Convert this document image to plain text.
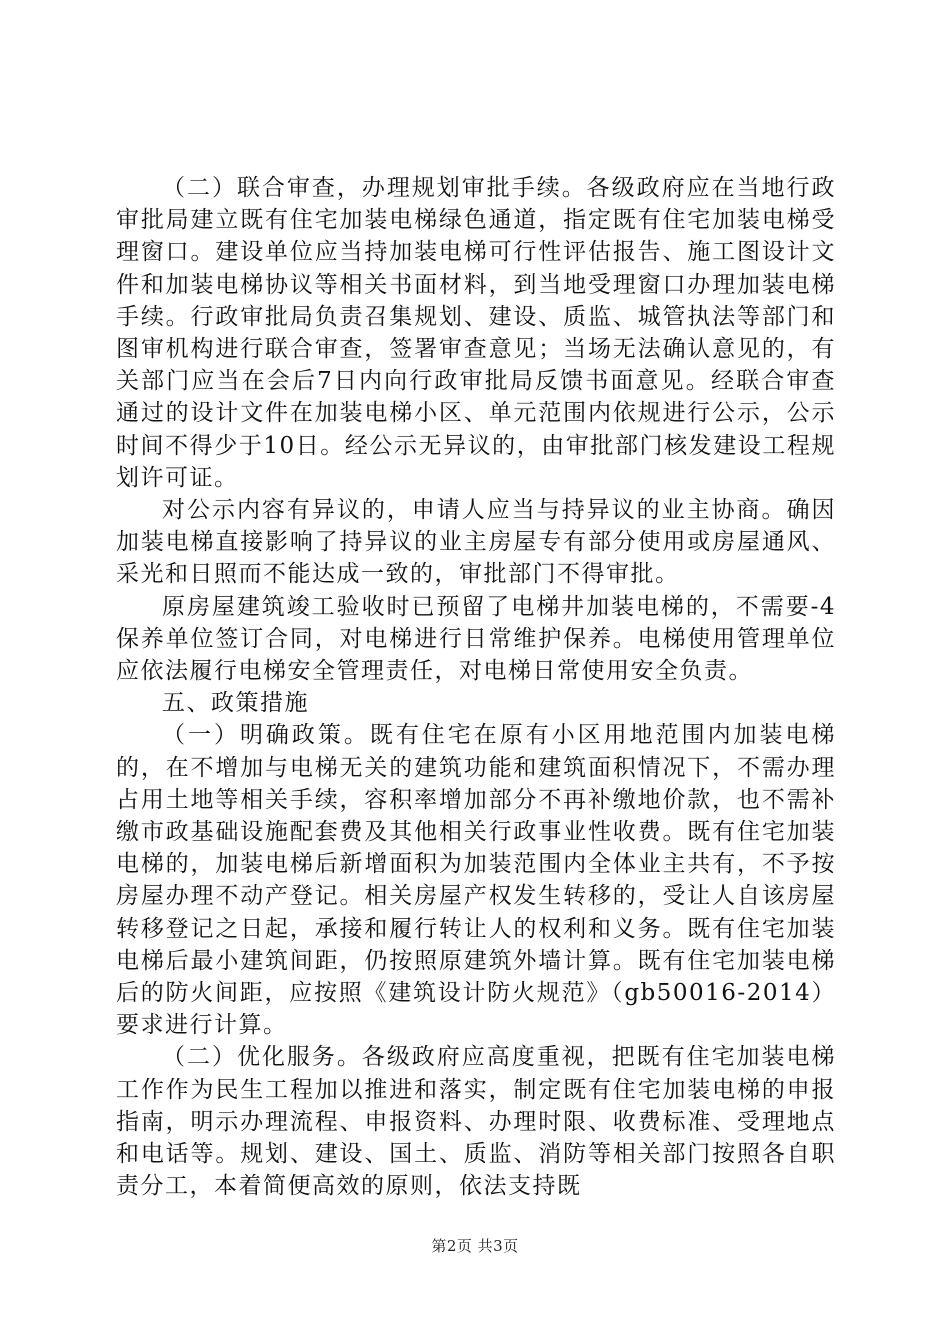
（二）联合审查，办理规划审批手续。各级政府应在当地行政审批局建立既有住宅加装电梯绿色通道，指定既有住宅加装电梯受理窗口。建设单位应当持加装电梯可行性评估报告、施工图设计文件和加装电梯协议等相关书面材料，到当地受理窗口办理加装电梯手续。行政审批局负责召集规划、建设、质监、城管执法等部门和图审机构进行联合审查，签署审查意见；当场无法确认意见的，有关部门应当在会后7日内向行政审批局反馈书面意见。经联合审查通过的设计文件在加装电梯小区、单元范围内依规进行公示，公示时间不得少于10日。经公示无异议的，由审批部门核发建设工程规划许可证。

对公示内容有异议的，申请人应当与持异议的业主协商。确因加装电梯直接影响了持异议的业主房屋专有部分使用或房屋通风、采光和日照而不能达成一致的，审批部门不得审批。

原房屋建筑竣工验收时已预留了电梯井加装电梯的，不需要-4保养单位签订合同，对电梯进行日常维护保养。电梯使用管理单位应依法履行电梯安全管理责任，对电梯日常使用安全负责。

五、政策措施

（一）明确政策。既有住宅在原有小区用地范围内加装电梯的，在不增加与电梯无关的建筑功能和建筑面积情况下，不需办理占用土地等相关手续，容积率增加部分不再补缴地价款，也不需补缴市政基础设施配套费及其他相关行政事业性收费。既有住宅加装电梯的，加装电梯后新增面积为加装范围内全体业主共有，不予按房屋办理不动产登记。相关房屋产权发生转移的，受让人自该房屋转移登记之日起，承接和履行转让人的权利和义务。既有住宅加装电梯后最小建筑间距，仍按照原建筑外墙计算。既有住宅加装电梯后的防火间距，应按照《建筑设计防火规范》（gb50016-2014）要求进行计算。

（二）优化服务。各级政府应高度重视，把既有住宅加装电梯工作作为民生工程加以推进和落实，制定既有住宅加装电梯的申报指南，明示办理流程、申报资料、办理时限、收费标准、受理地点和电话等。规划、建设、国土、质监、消防等相关部门按照各自职责分工，本着简便高效的原则，依法支持既

第2页 共3页
